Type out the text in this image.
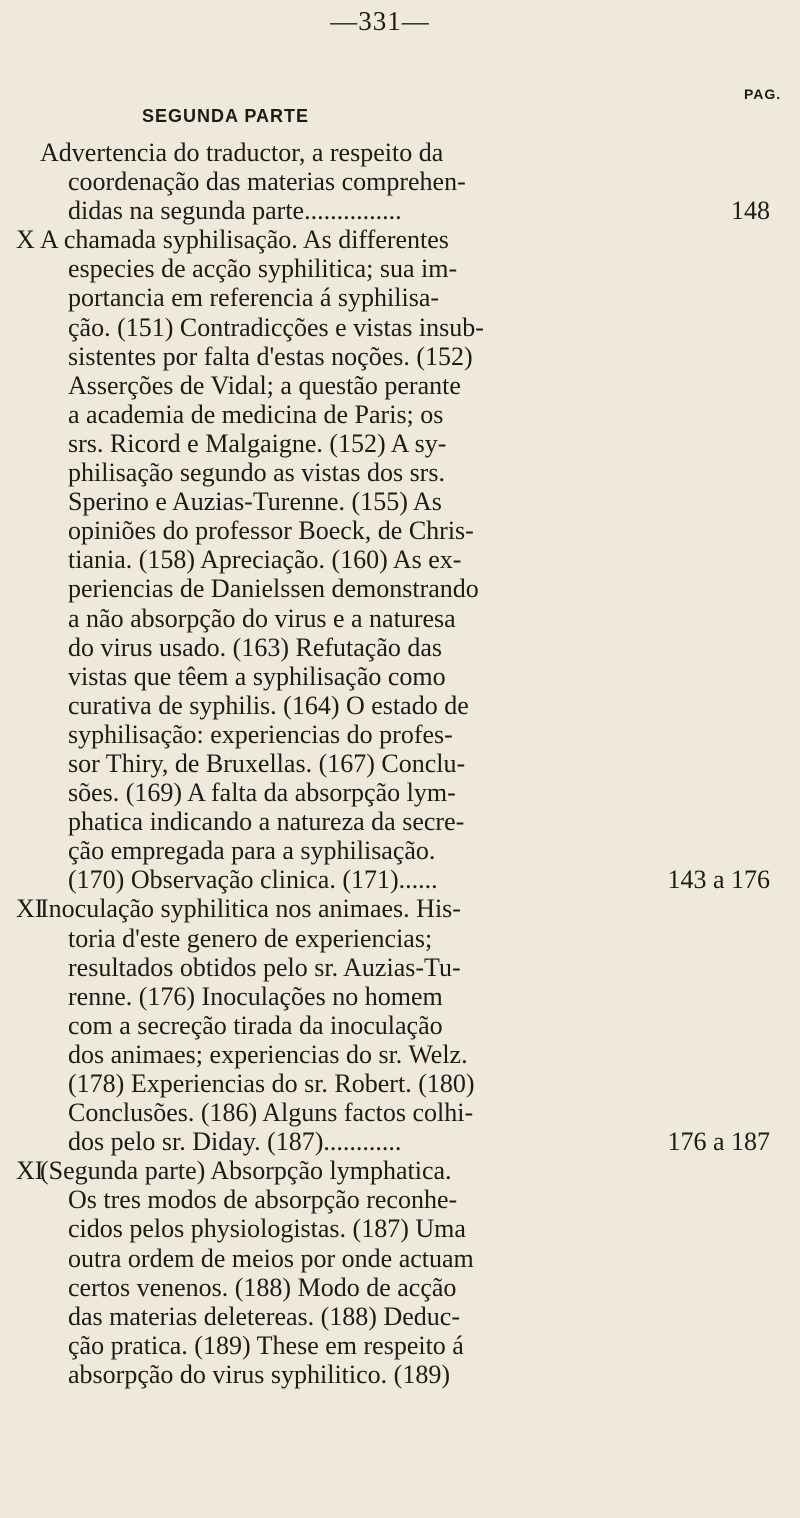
—331—
PAG.
SEGUNDA PARTE
Advertencia do traductor, a respeito da
coordenação das materias comprehen-
didas na segunda parte...............	148
X A chamada syphilisação. As differentes
especies de acção syphilitica; sua im-
portancia em referencia á syphilisa-
ção. (151) Contradicções e vistas insub-
sistentes por falta d'estas noções. (152)
Asserções de Vidal; a questão perante
a academia de medicina de Paris; os
srs. Ricord e Malgaigne. (152) A sy-
philisação segundo as vistas dos srs.
Sperino e Auzias-Turenne. (155) As
opiniões do professor Boeck, de Chris-
tiania. (158) Apreciação. (160) As ex-
periencias de Danielssen demonstrando
a não absorpção do virus e a naturesa
do virus usado. (163) Refutação das
vistas que têem a syphilisação como
curativa de syphilis. (164) O estado de
syphilisação: experiencias do profes-
sor Thiry, de Bruxellas. (167) Conclu-
sões. (169) A falta da absorpção lym-
phatica indicando a natureza da secre-
ção empregada para a syphilisação.
(170) Observação clinica. (171)......	143 a 176
XI
Inoculação syphilitica nos animaes. His-
toria d'este genero de experiencias;
resultados obtidos pelo sr. Auzias-Tu-
renne. (176) Inoculações no homem
com a secreção tirada da inoculação
dos animaes; experiencias do sr. Welz.
(178) Experiencias do sr. Robert. (180)
Conclusões. (186) Alguns factos colhi-
dos pelo sr. Diday. (187)............	176 a 187
XI
(Segunda parte) Absorpção lymphatica.
Os tres modos de absorpção reconhe-
cidos pelos physiologistas. (187) Uma
outra ordem de meios por onde actuam
certos venenos. (188) Modo de acção
das materias deletereas. (188) Deduc-
ção pratica. (189) These em respeito á
absorpção do virus syphilitico. (189)
